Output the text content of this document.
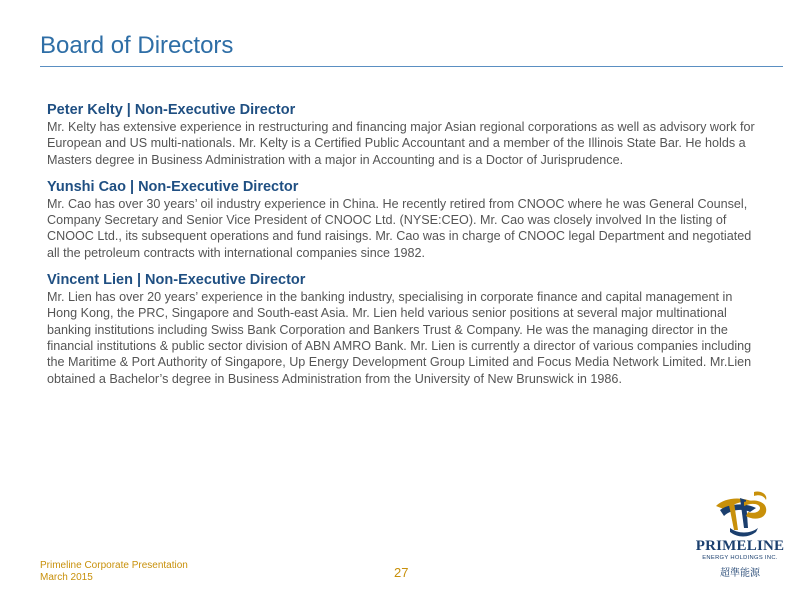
Board of Directors
Peter Kelty | Non-Executive Director
Mr. Kelty has extensive experience in restructuring and financing major Asian regional corporations as well as advisory work for European and US multi-nationals. Mr. Kelty is a Certified Public Accountant and a member of the Illinois State Bar. He holds a Masters degree in Business Administration with a major in Accounting and is a Doctor of Jurisprudence.
Yunshi Cao | Non-Executive Director
Mr. Cao has over 30 years’ oil industry experience in China. He recently retired from CNOOC where he was General Counsel, Company Secretary and Senior Vice President of CNOOC Ltd. (NYSE:CEO). Mr. Cao was closely involved In the listing of CNOOC Ltd., its subsequent operations and fund raisings. Mr. Cao was in charge of CNOOC legal Department and negotiated all the petroleum contracts with international companies since 1982.
Vincent Lien | Non-Executive Director
Mr. Lien has over 20 years’ experience in the banking industry, specialising in corporate finance and capital management in Hong Kong, the PRC, Singapore and South-east Asia. Mr. Lien held various senior positions at several major multinational banking institutions including Swiss Bank Corporation and Bankers Trust & Company. He was the managing director in the financial institutions & public sector division of ABN AMRO Bank. Mr. Lien is currently a director of various companies including the Maritime & Port Authority of Singapore, Up Energy Development Group Limited and Focus Media Network Limited. Mr.Lien obtained a Bachelor’s degree in Business Administration from the University of New Brunswick in 1986.
Primeline Corporate Presentation
March 2015	27
PRIMELINE
ENERGY HOLDINGS INC.
超準能源
